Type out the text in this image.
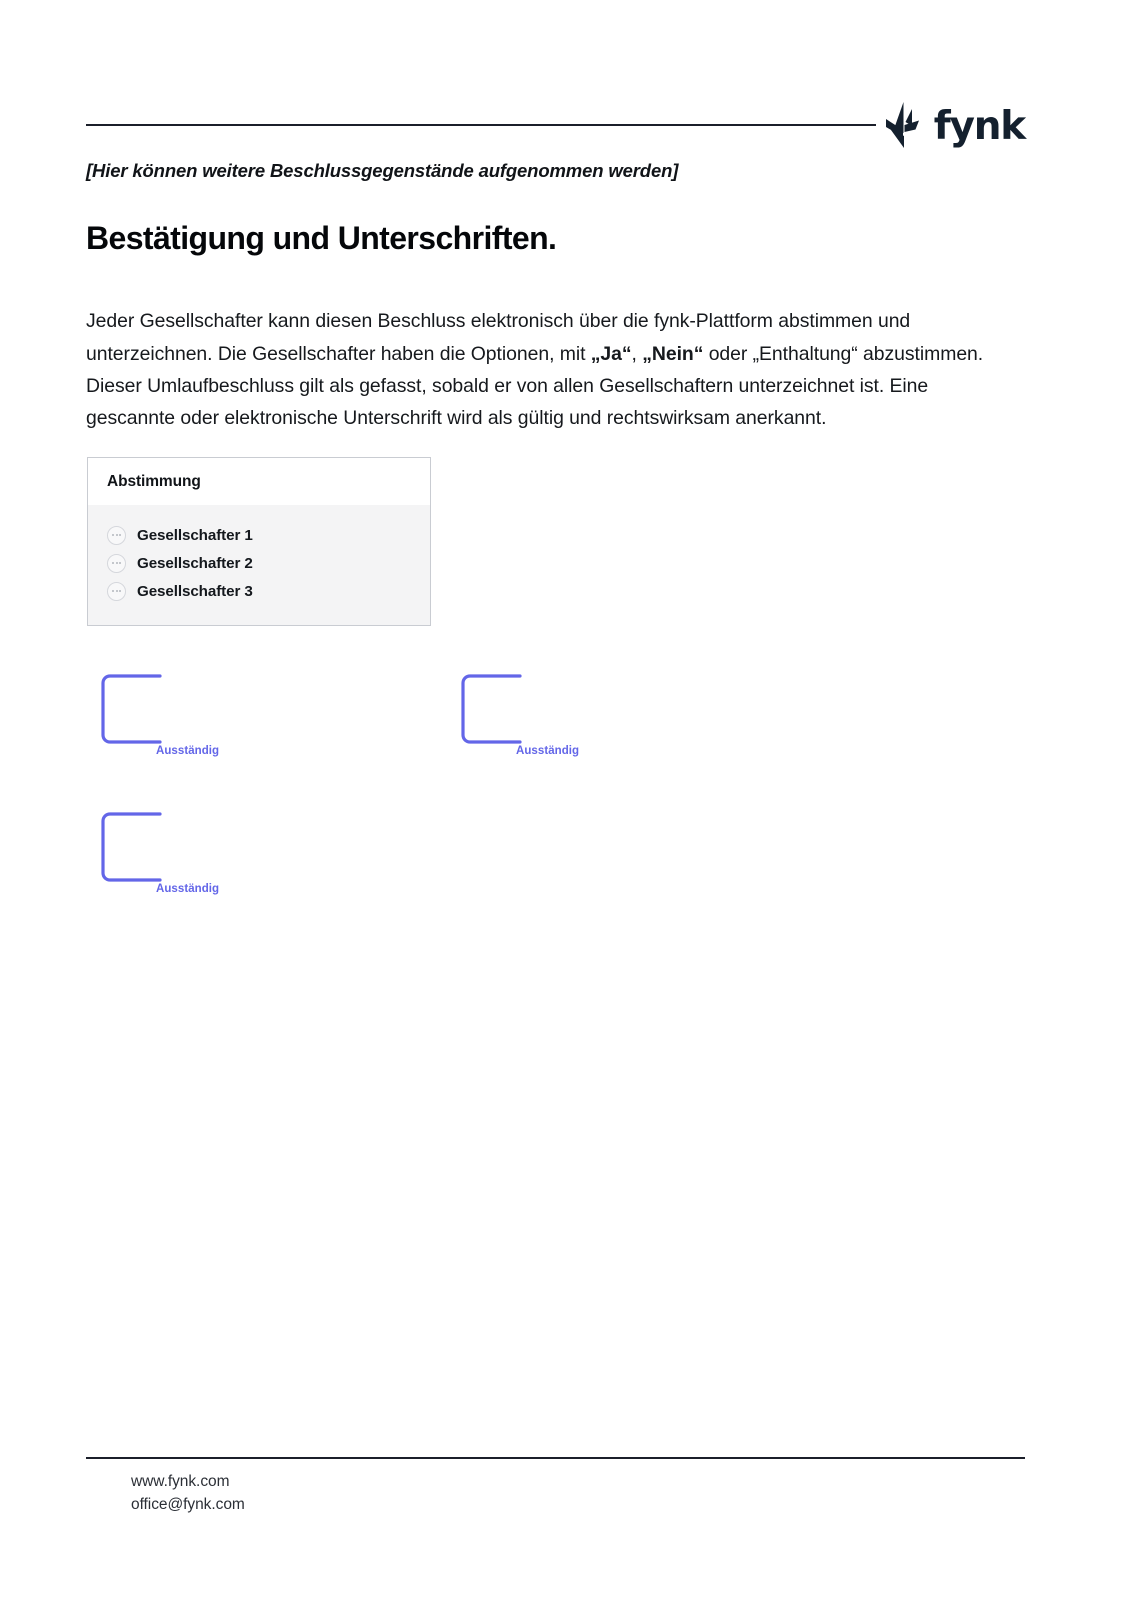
fynk
[Hier können weitere Beschlussgegenstände aufgenommen werden]
Bestätigung und Unterschriften.

Jeder Gesellschafter kann diesen Beschluss elektronisch über die fynk-Plattform abstimmen und unterzeichnen. Die Gesellschafter haben die Optionen, mit „Ja“, „Nein“ oder „Enthaltung“ abzustimmen. Dieser Umlaufbeschluss gilt als gefasst, sobald er von allen Gesellschaftern unterzeichnet ist. Eine gescannte oder elektronische Unterschrift wird als gültig und rechtswirksam anerkannt.

Abstimmung
Gesellschafter 1
Gesellschafter 2
Gesellschafter 3
Ausständig	Ausständig
Ausständig
www.fynk.com
office@fynk.com
